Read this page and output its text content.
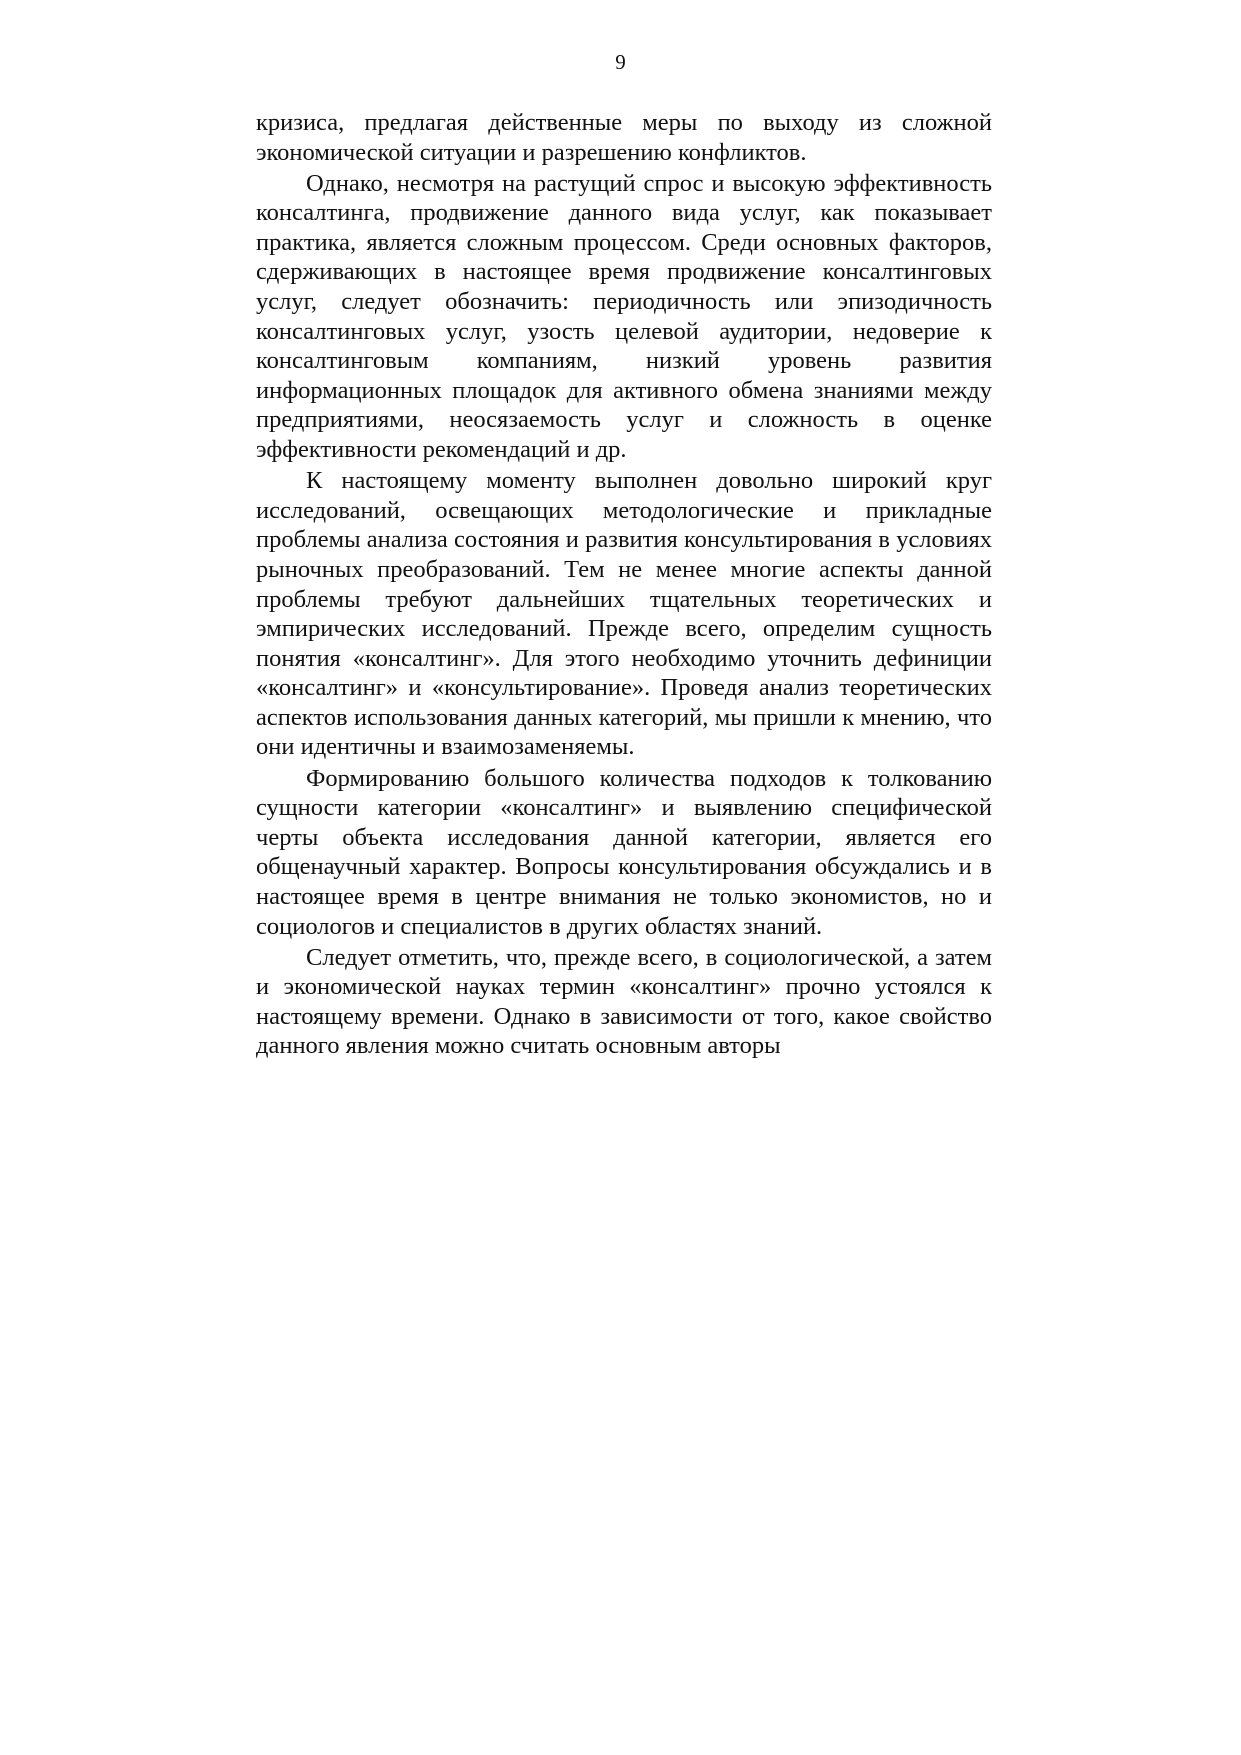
9

кризиса, предлагая действенные меры по выходу из сложной экономической ситуации и разрешению конфликтов.

Однако, несмотря на растущий спрос и высокую эффективность консалтинга, продвижение данного вида услуг, как показывает практика, является сложным процессом. Среди основных факторов, сдерживающих в настоящее время продвижение консалтинговых услуг, следует обозначить: периодичность или эпизодичность консалтинговых услуг, узость целевой аудитории, недоверие к консалтинговым компаниям, низкий уровень развития информационных площадок для активного обмена знаниями между предприятиями, неосязаемость услуг и сложность в оценке эффективности рекомендаций и др.

К настоящему моменту выполнен довольно широкий круг исследований, освещающих методологические и прикладные проблемы анализа состояния и развития консультирования в условиях рыночных преобразований. Тем не менее многие аспекты данной проблемы требуют дальнейших тщательных теоретических и эмпирических исследований. Прежде всего, определим сущность понятия «консалтинг». Для этого необходимо уточнить дефиниции «консалтинг» и «консультирование». Проведя анализ теоретических аспектов использования данных категорий, мы пришли к мнению, что они идентичны и взаимозаменяемы.

Формированию большого количества подходов к толкованию сущности категории «консалтинг» и выявлению специфической черты объекта исследования данной категории, является его общенаучный характер. Вопросы консультирования обсуждались и в настоящее время в центре внимания не только экономистов, но и социологов и специалистов в других областях знаний.

Следует отметить, что, прежде всего, в социологической, а затем и экономической науках термин «консалтинг» прочно устоялся к настоящему времени. Однако в зависимости от того, какое свойство данного явления можно считать основным авторы
